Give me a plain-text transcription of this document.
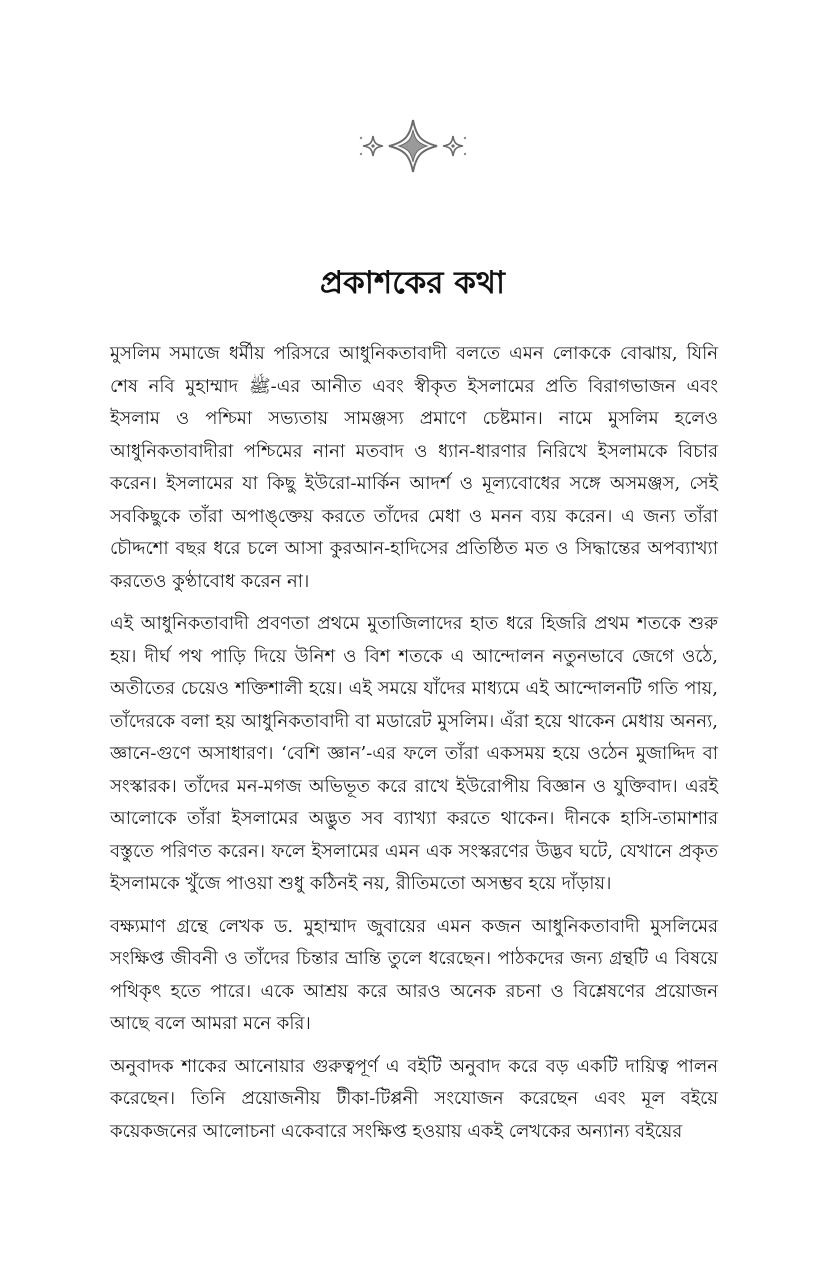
প্রকাশকের কথা

মুসলিম সমাজে ধর্মীয় পরিসরে আধুনিকতাবাদী বলতে এমন লোককে বোঝায়, যিনি শেষ নবি মুহাম্মাদ ﷺ-এর আনীত এবং স্বীকৃত ইসলামের প্রতি বিরাগভাজন এবং ইসলাম ও পশ্চিমা সভ্যতায় সামঞ্জস্য প্রমাণে চেষ্টমান। নামে মুসলিম হলেও আধুনিকতাবাদীরা পশ্চিমের নানা মতবাদ ও ধ্যান-ধারণার নিরিখে ইসলামকে বিচার করেন। ইসলামের যা কিছু ইউরো-মার্কিন আদর্শ ও মূল্যবোধের সঙ্গে অসমঞ্জস, সেই সবকিছুকে তাঁরা অপাঙ্‌ক্তেয় করতে তাঁদের মেধা ও মনন ব্যয় করেন। এ জন্য তাঁরা চৌদ্দশো বছর ধরে চলে আসা কুরআন-হাদিসের প্রতিষ্ঠিত মত ও সিদ্ধান্তের অপব্যাখ্যা করতেও কুণ্ঠাবোধ করেন না।

এই আধুনিকতাবাদী প্রবণতা প্রথমে মুতাজিলাদের হাত ধরে হিজরি প্রথম শতকে শুরু হয়। দীর্ঘ পথ পাড়ি দিয়ে উনিশ ও বিশ শতকে এ আন্দোলন নতুনভাবে জেগে ওঠে, অতীতের চেয়েও শক্তিশালী হয়ে। এই সময়ে যাঁদের মাধ্যমে এই আন্দোলনটি গতি পায়, তাঁদেরকে বলা হয় আধুনিকতাবাদী বা মডারেট মুসলিম। এঁরা হয়ে থাকেন মেধায় অনন্য, জ্ঞানে-গুণে অসাধারণ। ‘বেশি জ্ঞান’-এর ফলে তাঁরা একসময় হয়ে ওঠেন মুজাদ্দিদ বা সংস্কারক। তাঁদের মন-মগজ অভিভূত করে রাখে ইউরোপীয় বিজ্ঞান ও যুক্তিবাদ। এরই আলোকে তাঁরা ইসলামের অদ্ভুত সব ব্যাখ্যা করতে থাকেন। দীনকে হাসি-তামাশার বস্তুতে পরিণত করেন। ফলে ইসলামের এমন এক সংস্করণের উদ্ভব ঘটে, যেখানে প্রকৃত ইসলামকে খুঁজে পাওয়া শুধু কঠিনই নয়, রীতিমতো অসম্ভব হয়ে দাঁড়ায়।

বক্ষ্যমাণ গ্রন্থে লেখক ড. মুহাম্মাদ জুবায়ের এমন কজন আধুনিকতাবাদী মুসলিমের সংক্ষিপ্ত জীবনী ও তাঁদের চিন্তার ভ্রান্তি তুলে ধরেছেন। পাঠকদের জন্য গ্রন্থটি এ বিষয়ে পথিকৃৎ হতে পারে। একে আশ্রয় করে আরও অনেক রচনা ও বিশ্লেষণের প্রয়োজন আছে বলে আমরা মনে করি।

অনুবাদক শাকের আনোয়ার গুরুত্বপূর্ণ এ বইটি অনুবাদ করে বড় একটি দায়িত্ব পালন করেছেন। তিনি প্রয়োজনীয় টীকা-টিপ্পনী সংযোজন করেছেন এবং মূল বইয়ে কয়েকজনের আলোচনা একেবারে সংক্ষিপ্ত হওয়ায় একই লেখকের অন্যান্য বইয়ের
